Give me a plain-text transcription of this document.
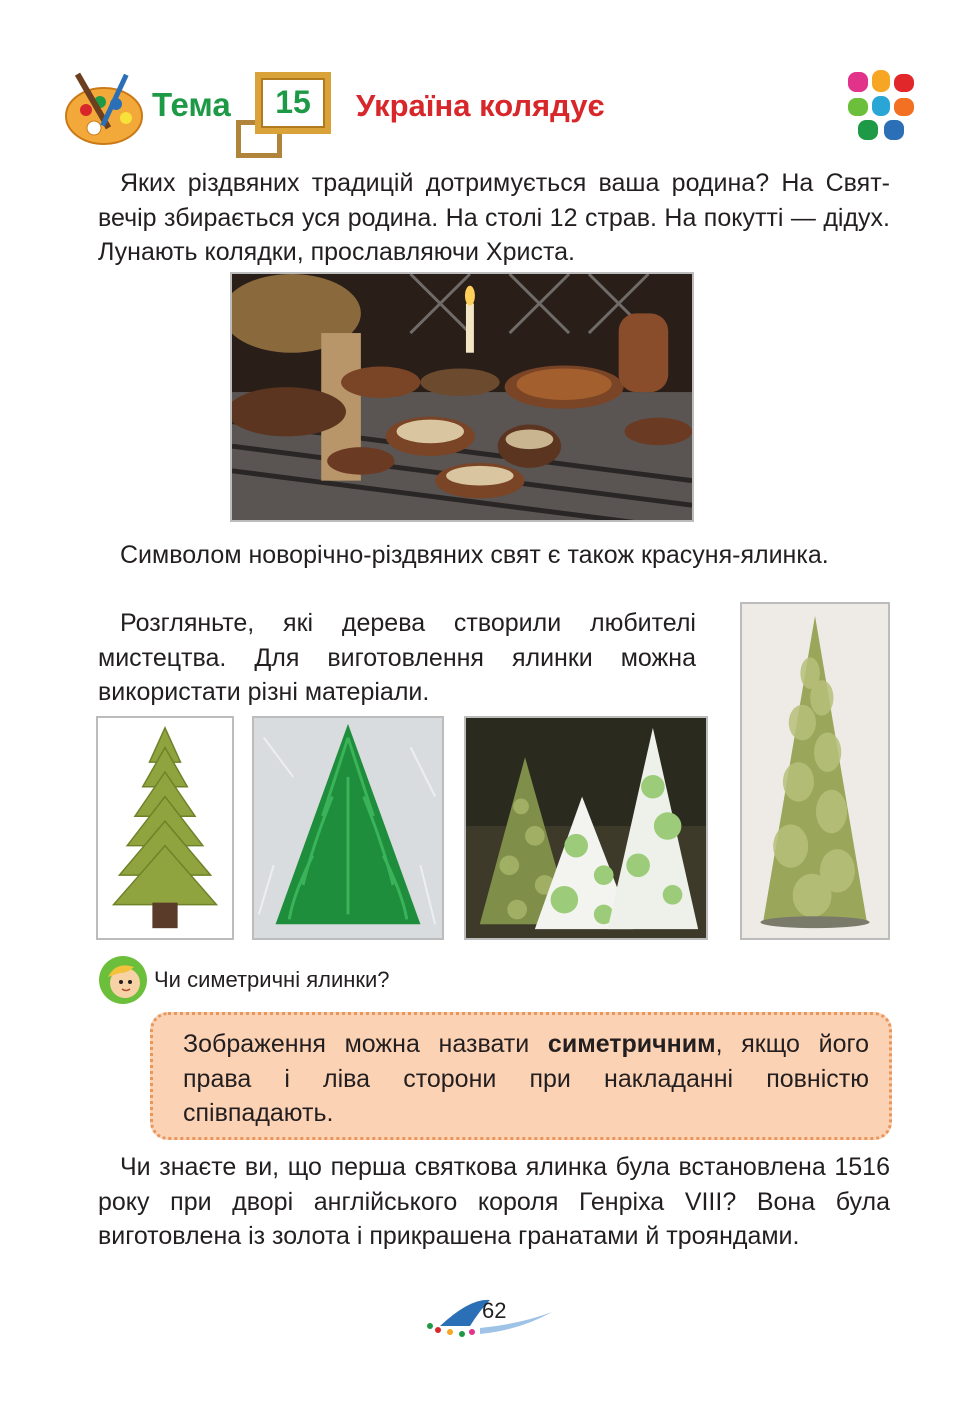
Тема	15	Україна колядує
Яких різдвяних традицій дотримується ваша родина? На Свят-вечір збирається уся родина. На столі 12 страв. На покутті — дідух. Лунають колядки, прославляючи Христа.
Символом новорічно-різдвяних свят є також красуня-ялинка.
Розгляньте, які дерева створили любителі мистецтва. Для виготовлення ялинки можна використати різні матеріали.
Чи симетричні ялинки?
Зображення можна назвати симетричним, якщо його права і ліва сторони при накладанні повністю співпадають.
Чи знаєте ви, що перша святкова ялинка була встановлена 1516 року при дворі англійського короля Генріха VIII? Вона була виготовлена із золота і прикрашена гранатами й трояндами.
62
